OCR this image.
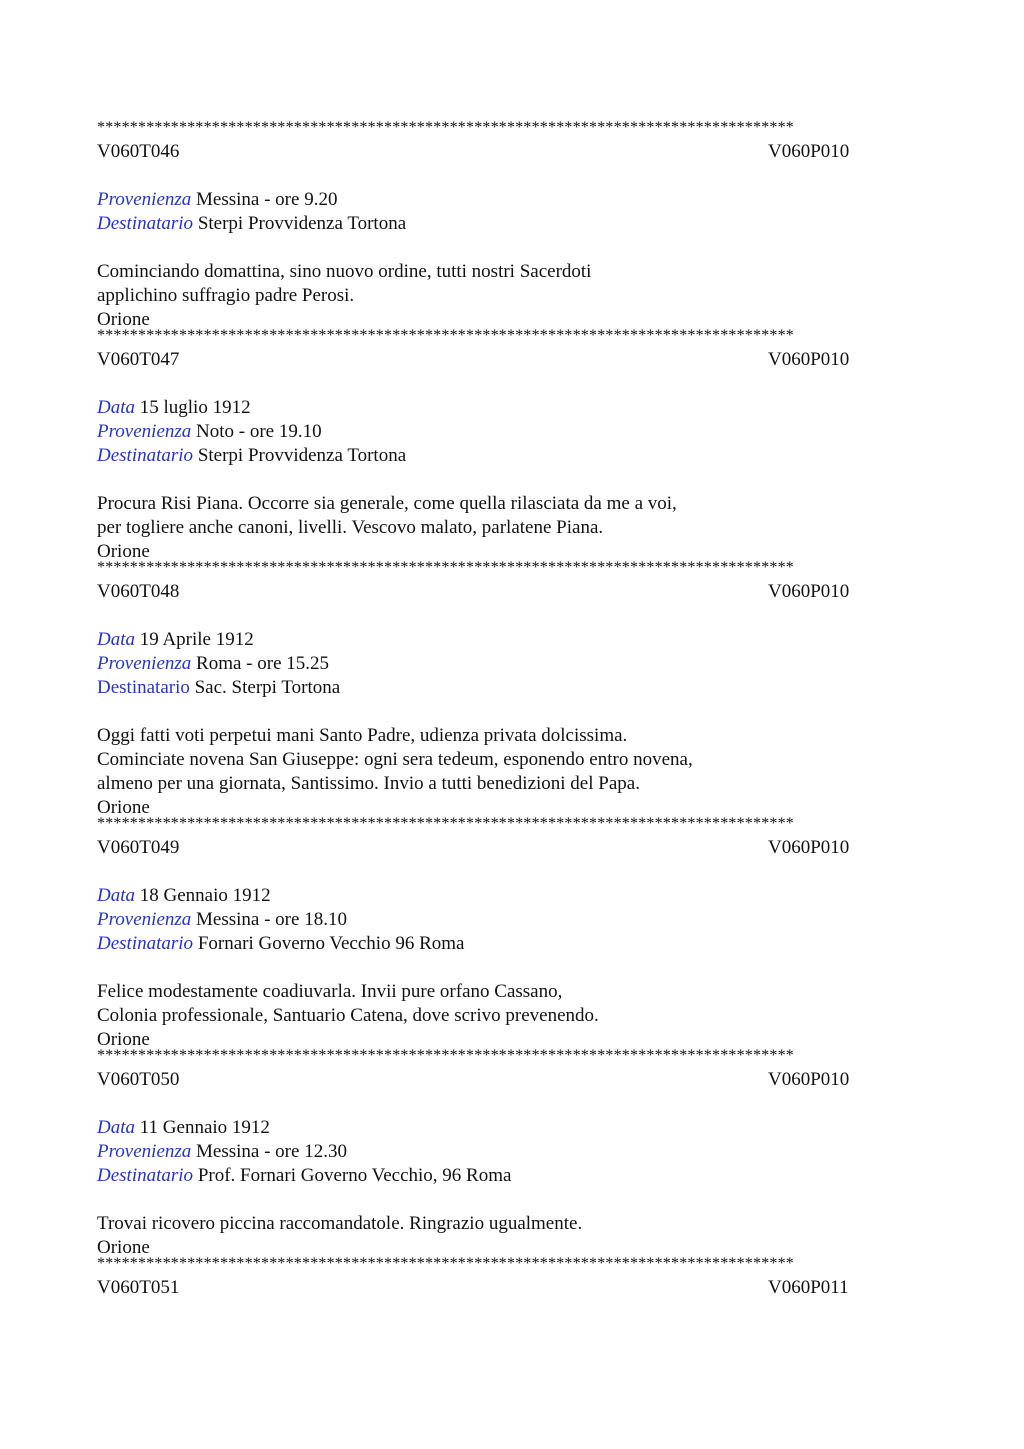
*************************************************************************************
V060T046	V060P010
Provenienza Messina - ore 9.20
Destinatario Sterpi Provvidenza Tortona
Cominciando domattina, sino nuovo ordine, tutti nostri Sacerdoti
applichino suffragio padre Perosi.
Orione
*************************************************************************************
V060T047	V060P010
Data 15 luglio 1912
Provenienza Noto - ore 19.10
Destinatario Sterpi Provvidenza Tortona
Procura Risi Piana. Occorre sia generale, come quella rilasciata da me a voi,
per togliere anche canoni, livelli. Vescovo malato, parlatene Piana.
Orione
*************************************************************************************
V060T048	V060P010
Data 19 Aprile 1912
Provenienza Roma - ore 15.25
Destinatario Sac. Sterpi Tortona
Oggi fatti voti perpetui mani Santo Padre, udienza privata dolcissima.
Cominciate novena San Giuseppe: ogni sera tedeum, esponendo entro novena,
almeno per una giornata, Santissimo. Invio a tutti benedizioni del Papa.
Orione
*************************************************************************************
V060T049	V060P010
Data 18 Gennaio 1912
Provenienza Messina - ore 18.10
Destinatario Fornari Governo Vecchio 96 Roma
Felice modestamente coadiuvarla. Invii pure orfano Cassano,
Colonia professionale, Santuario Catena, dove scrivo prevenendo.
Orione
*************************************************************************************
V060T050	V060P010
Data 11 Gennaio 1912
Provenienza Messina - ore 12.30
Destinatario Prof. Fornari Governo Vecchio, 96 Roma
Trovai ricovero piccina raccomandatole. Ringrazio ugualmente.
Orione
*************************************************************************************
V060T051	V060P011
